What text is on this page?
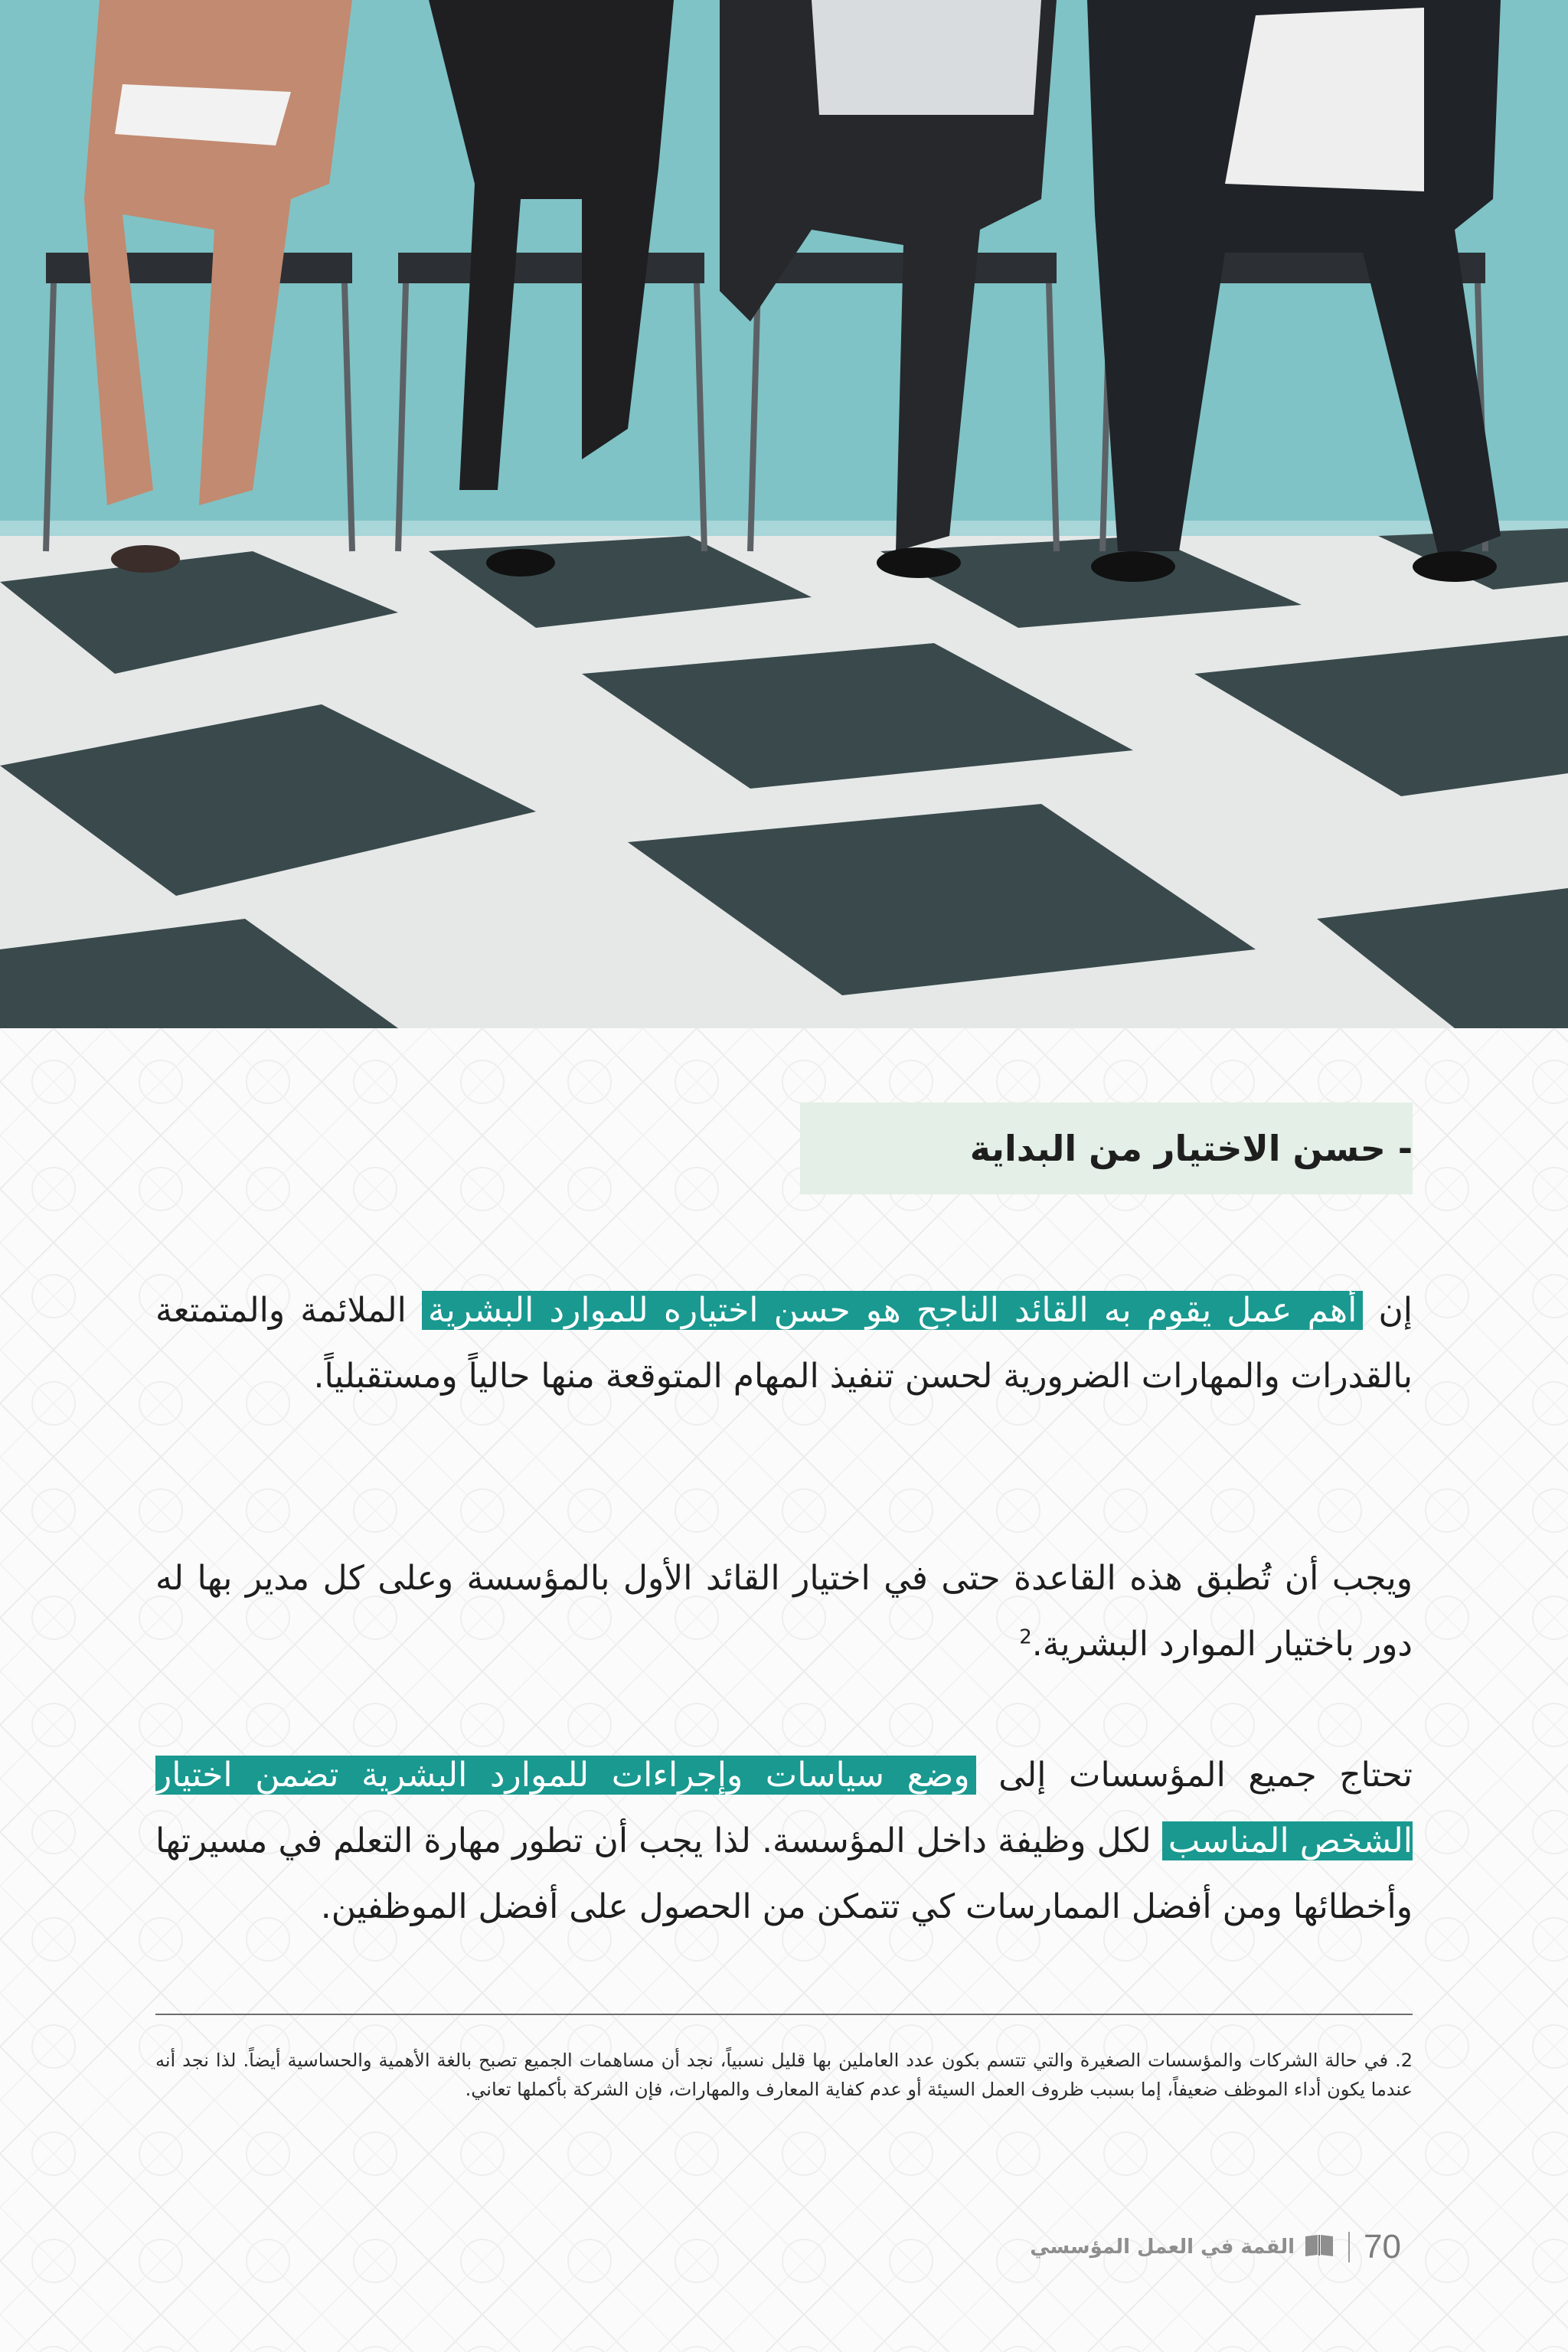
- حسن الاختيار من البداية

إن أهم عمل يقوم به القائد الناجح هو حسن اختياره للموارد البشرية الملائمة والمتمتعة بالقدرات والمهارات الضرورية لحسن تنفيذ المهام المتوقعة منها حالياً ومستقبلياً.

ويجب أن تُطبق هذه القاعدة حتى في اختيار القائد الأول بالمؤسسة وعلى كل مدير بها له دور باختيار الموارد البشرية.$^2$

تحتاج جميع المؤسسات إلى وضع سياسات وإجراءات للموارد البشرية تضمن اختيار الشخص المناسب لكل وظيفة داخل المؤسسة. لذا يجب أن تطور مهارة التعلم في مسيرتها وأخطائها ومن أفضل الممارسات كي تتمكن من الحصول على أفضل الموظفين.

2. في حالة الشركات والمؤسسات الصغيرة والتي تتسم بكون عدد العاملين بها قليل نسبياً، نجد أن مساهمات الجميع تصبح بالغة الأهمية والحساسية أيضاً. لذا نجد أنه عندما يكون أداء الموظف ضعيفاً، إما بسبب ظروف العمل السيئة أو عدم كفاية المعارف والمهارات، فإن الشركة بأكملها تعاني.

القمة في العمل المؤسسي 70
